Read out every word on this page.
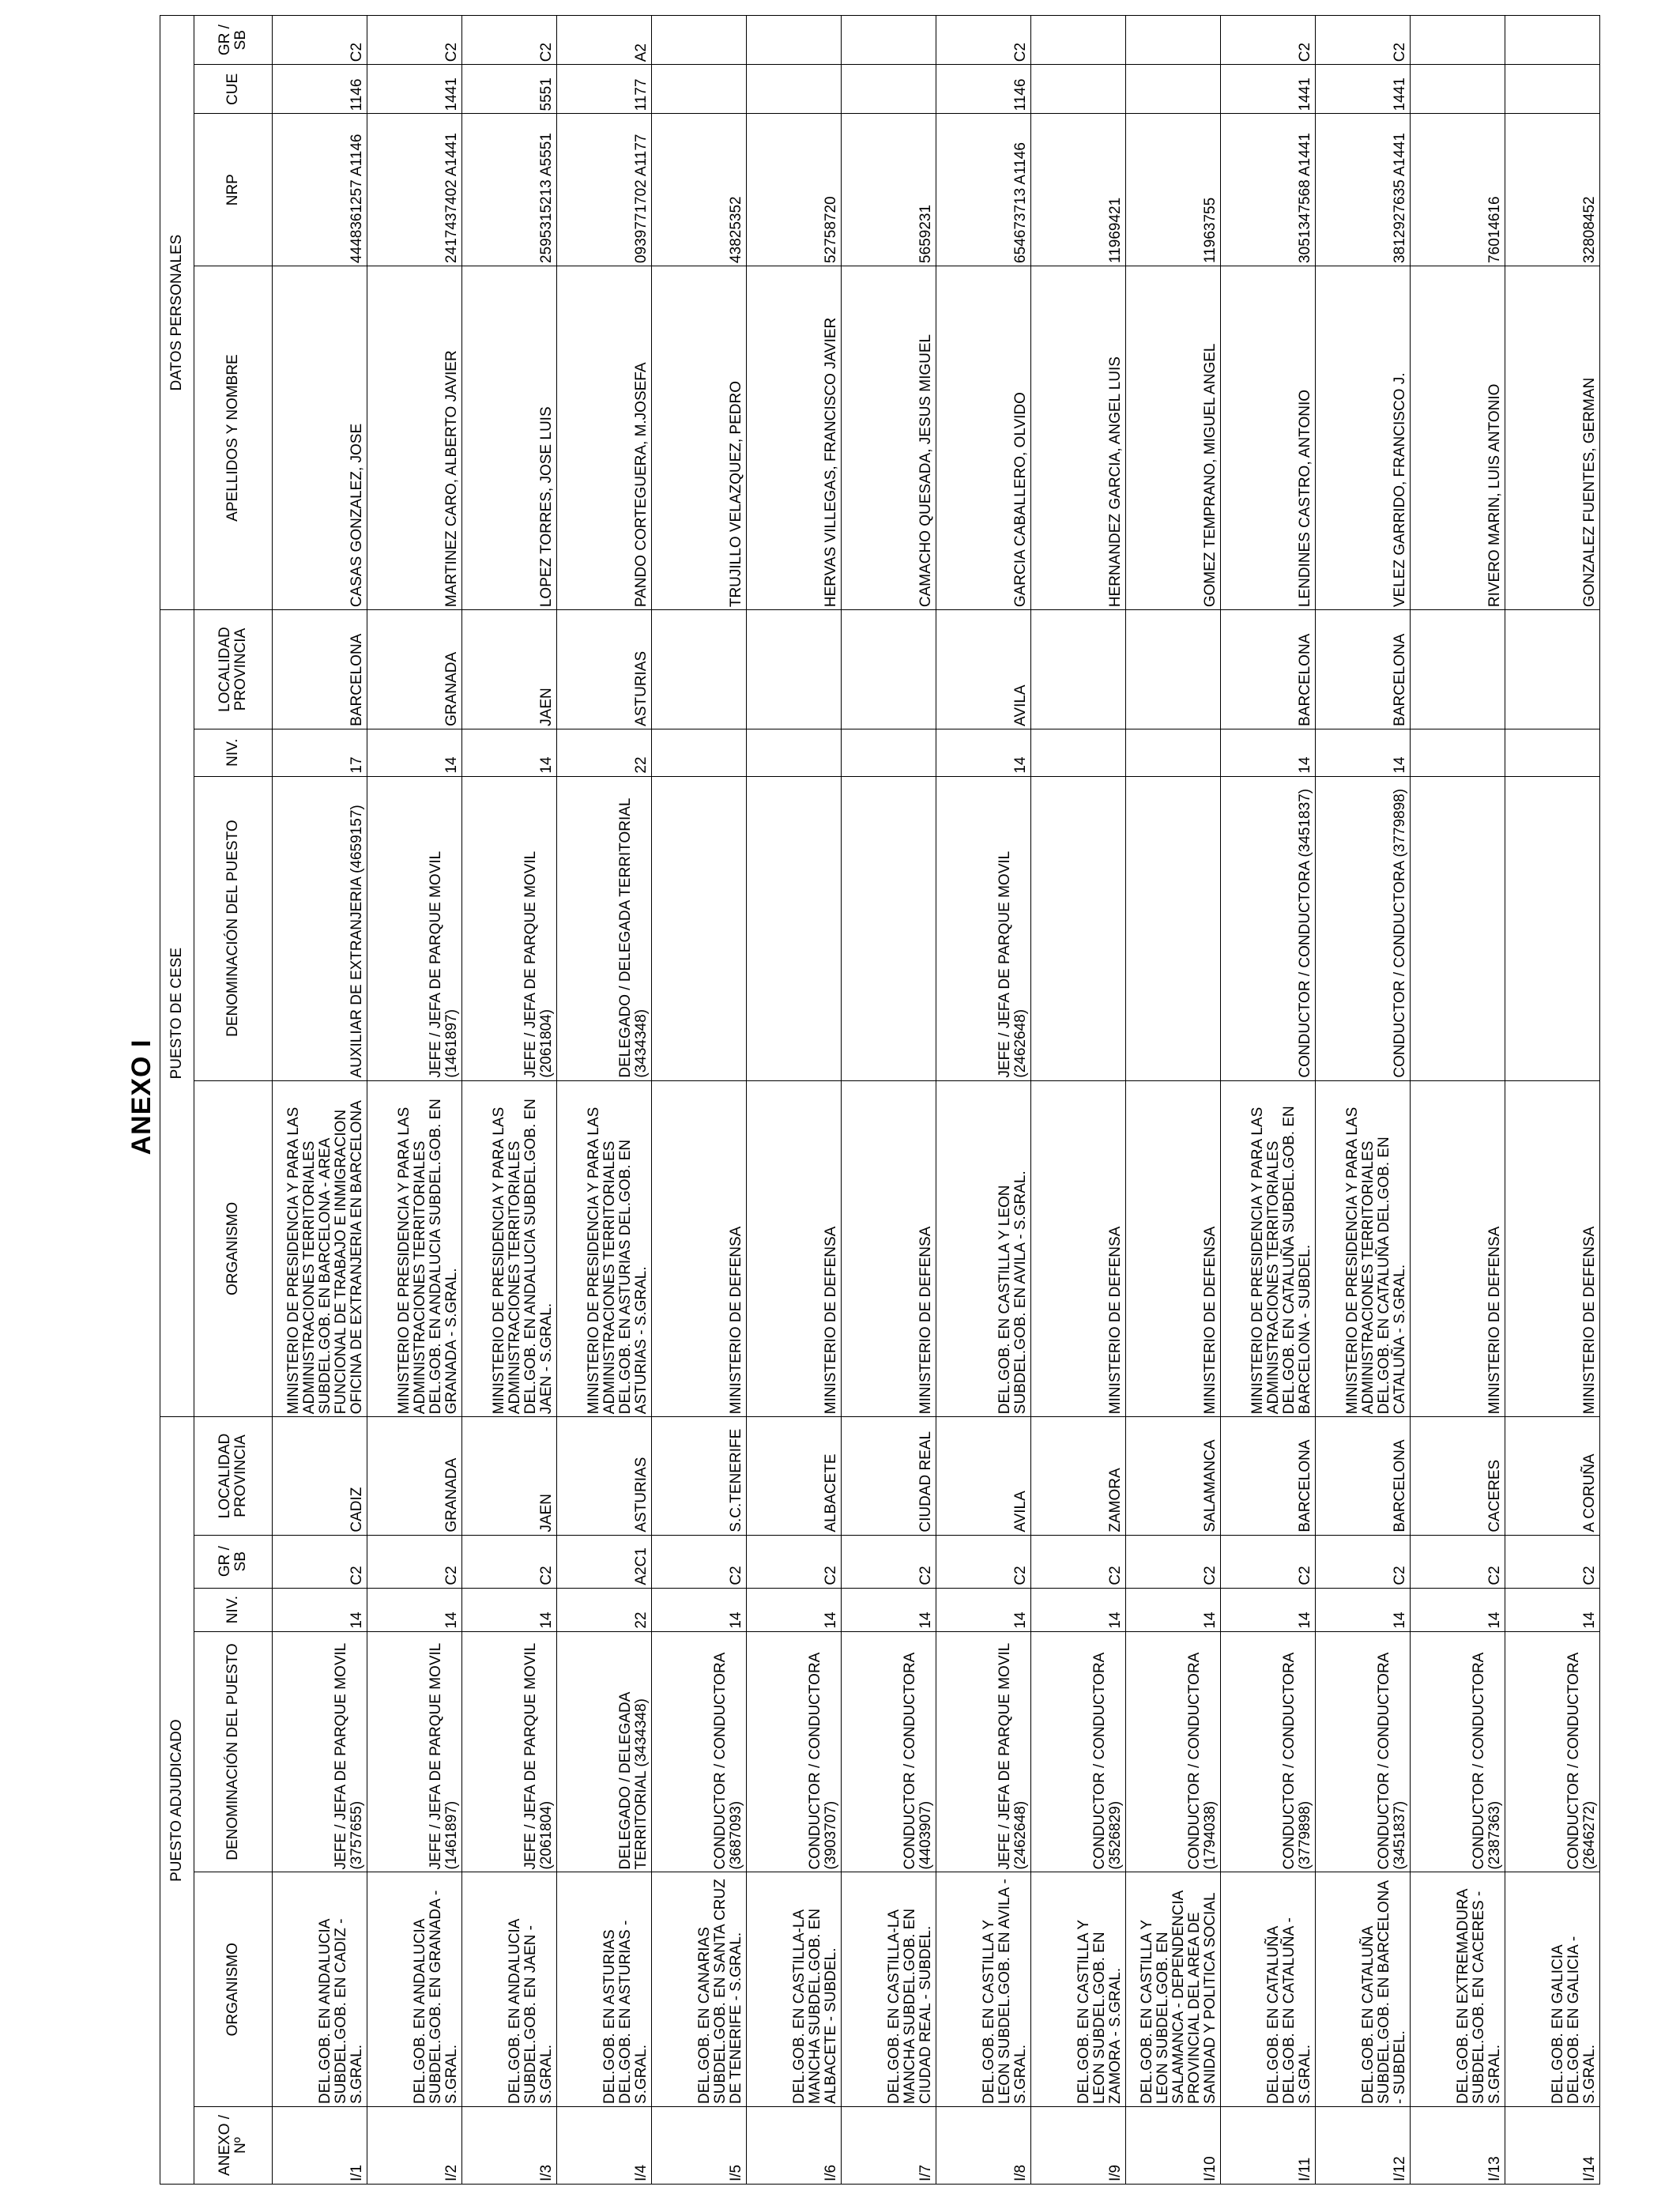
ANEXO I
PUESTO ADJUDICADO						PUESTO DE CESE				DATOS PERSONALES			
ANEXO / Nº	ORGANISMO	DENOMINACIÓN DEL PUESTO	NIV.	GR / SB	LOCALIDAD PROVINCIA	ORGANISMO	DENOMINACIÓN DEL PUESTO	NIV.	LOCALIDAD PROVINCIA	APELLIDOS Y NOMBRE	NRP	CUE	GR / SB
I/1	DEL.GOB. EN ANDALUCIA SUBDEL.GOB. EN CADIZ - S.GRAL.	JEFE / JEFA DE PARQUE MOVIL (3757655)	14	C2	CADIZ	MINISTERIO DE PRESIDENCIA Y PARA LAS ADMINISTRACIONES TERRITORIALES SUBDEL.GOB. EN BARCELONA - AREA FUNCIONAL DE TRABAJO E INMIGRACION OFICINA DE EXTRANJERIA EN BARCELONA	AUXILIAR DE EXTRANJERIA (4659157)	17	BARCELONA	CASAS GONZALEZ, JOSE	4448361257 A1146	1146	C2
I/2	DEL.GOB. EN ANDALUCIA SUBDEL.GOB. EN GRANADA - S.GRAL.	JEFE / JEFA DE PARQUE MOVIL (1461897)	14	C2	GRANADA	MINISTERIO DE PRESIDENCIA Y PARA LAS ADMINISTRACIONES TERRITORIALES DEL.GOB. EN ANDALUCIA SUBDEL.GOB. EN GRANADA - S.GRAL.	JEFE / JEFA DE PARQUE MOVIL (1461897)	14	GRANADA	MARTINEZ CARO, ALBERTO JAVIER	2417437402 A1441	1441	C2
I/3	DEL.GOB. EN ANDALUCIA SUBDEL.GOB. EN JAEN - S.GRAL.	JEFE / JEFA DE PARQUE MOVIL (2061804)	14	C2	JAEN	MINISTERIO DE PRESIDENCIA Y PARA LAS ADMINISTRACIONES TERRITORIALES DEL.GOB. EN ANDALUCIA SUBDEL.GOB. EN JAEN - S.GRAL.	JEFE / JEFA DE PARQUE MOVIL (2061804)	14	JAEN	LOPEZ TORRES, JOSE LUIS	2595315213 A5551	5551	C2
I/4	DEL.GOB. EN ASTURIAS DEL.GOB. EN ASTURIAS - S.GRAL.	DELEGADO / DELEGADA TERRITORIAL (3434348)	22	A2C1	ASTURIAS	MINISTERIO DE PRESIDENCIA Y PARA LAS ADMINISTRACIONES TERRITORIALES DEL.GOB. EN ASTURIAS DEL.GOB. EN ASTURIAS - S.GRAL.	DELEGADO / DELEGADA TERRITORIAL (3434348)	22	ASTURIAS	PANDO CORTEGUERA, M.JOSEFA	0939771702 A1177	1177	A2
I/5	DEL.GOB. EN CANARIAS SUBDEL.GOB. EN SANTA CRUZ DE TENERIFE - S.GRAL.	CONDUCTOR / CONDUCTORA (3687093)	14	C2	S.C.TENERIFE	MINISTERIO DE DEFENSA				TRUJILLO VELAZQUEZ, PEDRO	43825352		
I/6	DEL.GOB. EN CASTILLA-LA MANCHA SUBDEL.GOB. EN ALBACETE - SUBDEL.	CONDUCTOR / CONDUCTORA (3903707)	14	C2	ALBACETE	MINISTERIO DE DEFENSA				HERVAS VILLEGAS, FRANCISCO JAVIER	52758720		
I/7	DEL.GOB. EN CASTILLA-LA MANCHA SUBDEL.GOB. EN CIUDAD REAL - SUBDEL.	CONDUCTOR / CONDUCTORA (4403907)	14	C2	CIUDAD REAL	MINISTERIO DE DEFENSA				CAMACHO QUESADA, JESUS MIGUEL	5659231		
I/8	DEL.GOB. EN CASTILLA Y LEON SUBDEL.GOB. EN AVILA - S.GRAL.	JEFE / JEFA DE PARQUE MOVIL (2462648)	14	C2	AVILA	DEL.GOB. EN CASTILLA Y LEON SUBDEL.GOB. EN AVILA - S.GRAL.	JEFE / JEFA DE PARQUE MOVIL (2462648)	14	AVILA	GARCIA CABALLERO, OLVIDO	654673713 A1146	1146	C2
I/9	DEL.GOB. EN CASTILLA Y LEON SUBDEL.GOB. EN ZAMORA - S.GRAL.	CONDUCTOR / CONDUCTORA (3526829)	14	C2	ZAMORA	MINISTERIO DE DEFENSA				HERNANDEZ GARCIA, ANGEL LUIS	11969421		
I/10	DEL.GOB. EN CASTILLA Y LEON SUBDEL.GOB. EN SALAMANCA - DEPENDENCIA PROVINCIAL DEL AREA DE SANIDAD Y POLITICA SOCIAL	CONDUCTOR / CONDUCTORA (1794038)	14	C2	SALAMANCA	MINISTERIO DE DEFENSA				GOMEZ TEMPRANO, MIGUEL ANGEL	11963755		
I/11	DEL.GOB. EN CATALUÑA DEL.GOB. EN CATALUÑA - S.GRAL.	CONDUCTOR / CONDUCTORA (3779898)	14	C2	BARCELONA	MINISTERIO DE PRESIDENCIA Y PARA LAS ADMINISTRACIONES TERRITORIALES DEL.GOB. EN CATALUÑA SUBDEL.GOB. EN BARCELONA - SUBDEL.	CONDUCTOR / CONDUCTORA (3451837)	14	BARCELONA	LENDINES CASTRO, ANTONIO	3051347568 A1441	1441	C2
I/12	DEL.GOB. EN CATALUÑA SUBDEL.GOB. EN BARCELONA - SUBDEL.	CONDUCTOR / CONDUCTORA (3451837)	14	C2	BARCELONA	MINISTERIO DE PRESIDENCIA Y PARA LAS ADMINISTRACIONES TERRITORIALES DEL.GOB. EN CATALUÑA DEL.GOB. EN CATALUÑA - S.GRAL.	CONDUCTOR / CONDUCTORA (3779898)	14	BARCELONA	VELEZ GARRIDO, FRANCISCO J.	3812927635 A1441	1441	C2
I/13	DEL.GOB. EN EXTREMADURA SUBDEL.GOB. EN CACERES - S.GRAL.	CONDUCTOR / CONDUCTORA (2387363)	14	C2	CACERES	MINISTERIO DE DEFENSA				RIVERO MARIN, LUIS ANTONIO	76014616		
I/14	DEL.GOB. EN GALICIA DEL.GOB. EN GALICIA - S.GRAL.	CONDUCTOR / CONDUCTORA (2646272)	14	C2	A CORUÑA	MINISTERIO DE DEFENSA				GONZALEZ FUENTES, GERMAN	32808452		
